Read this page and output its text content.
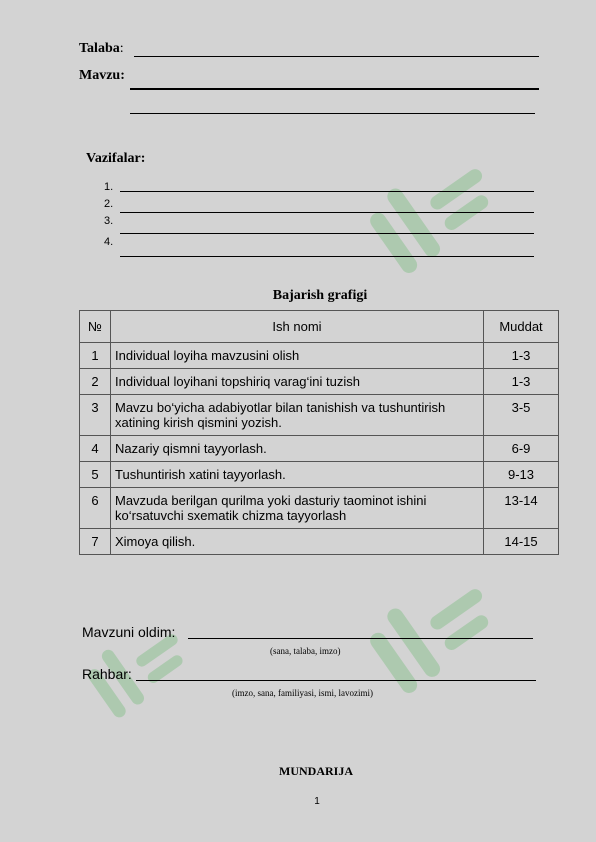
Talaba:
Mavzu:
Vazifalar:
1.
2.
3.
4.
Bajarish grafigi
№	Ish nomi	Muddat
1	Individual loyiha mavzusini olish	1-3
2	Individual loyihani topshiriq varag‘ini tuzish	1-3
3	Mavzu bo‘yicha adabiyotlar bilan tanishish va tushuntirish xatining kirish qismini yozish.	3-5
4	Nazariy qismni tayyorlash.	6-9
5	Tushuntirish xatini tayyorlash.	9-13
6	Mavzuda berilgan qurilma yoki dasturiy taominot ishini ko‘rsatuvchi sxematik chizma tayyorlash	13-14
7	Ximoya qilish.	14-15
Mavzuni oldim:
(sana, talaba, imzo)
Rahbar:
(imzo, sana, familiyasi, ismi, lavozimi)
MUNDARIJA
1
